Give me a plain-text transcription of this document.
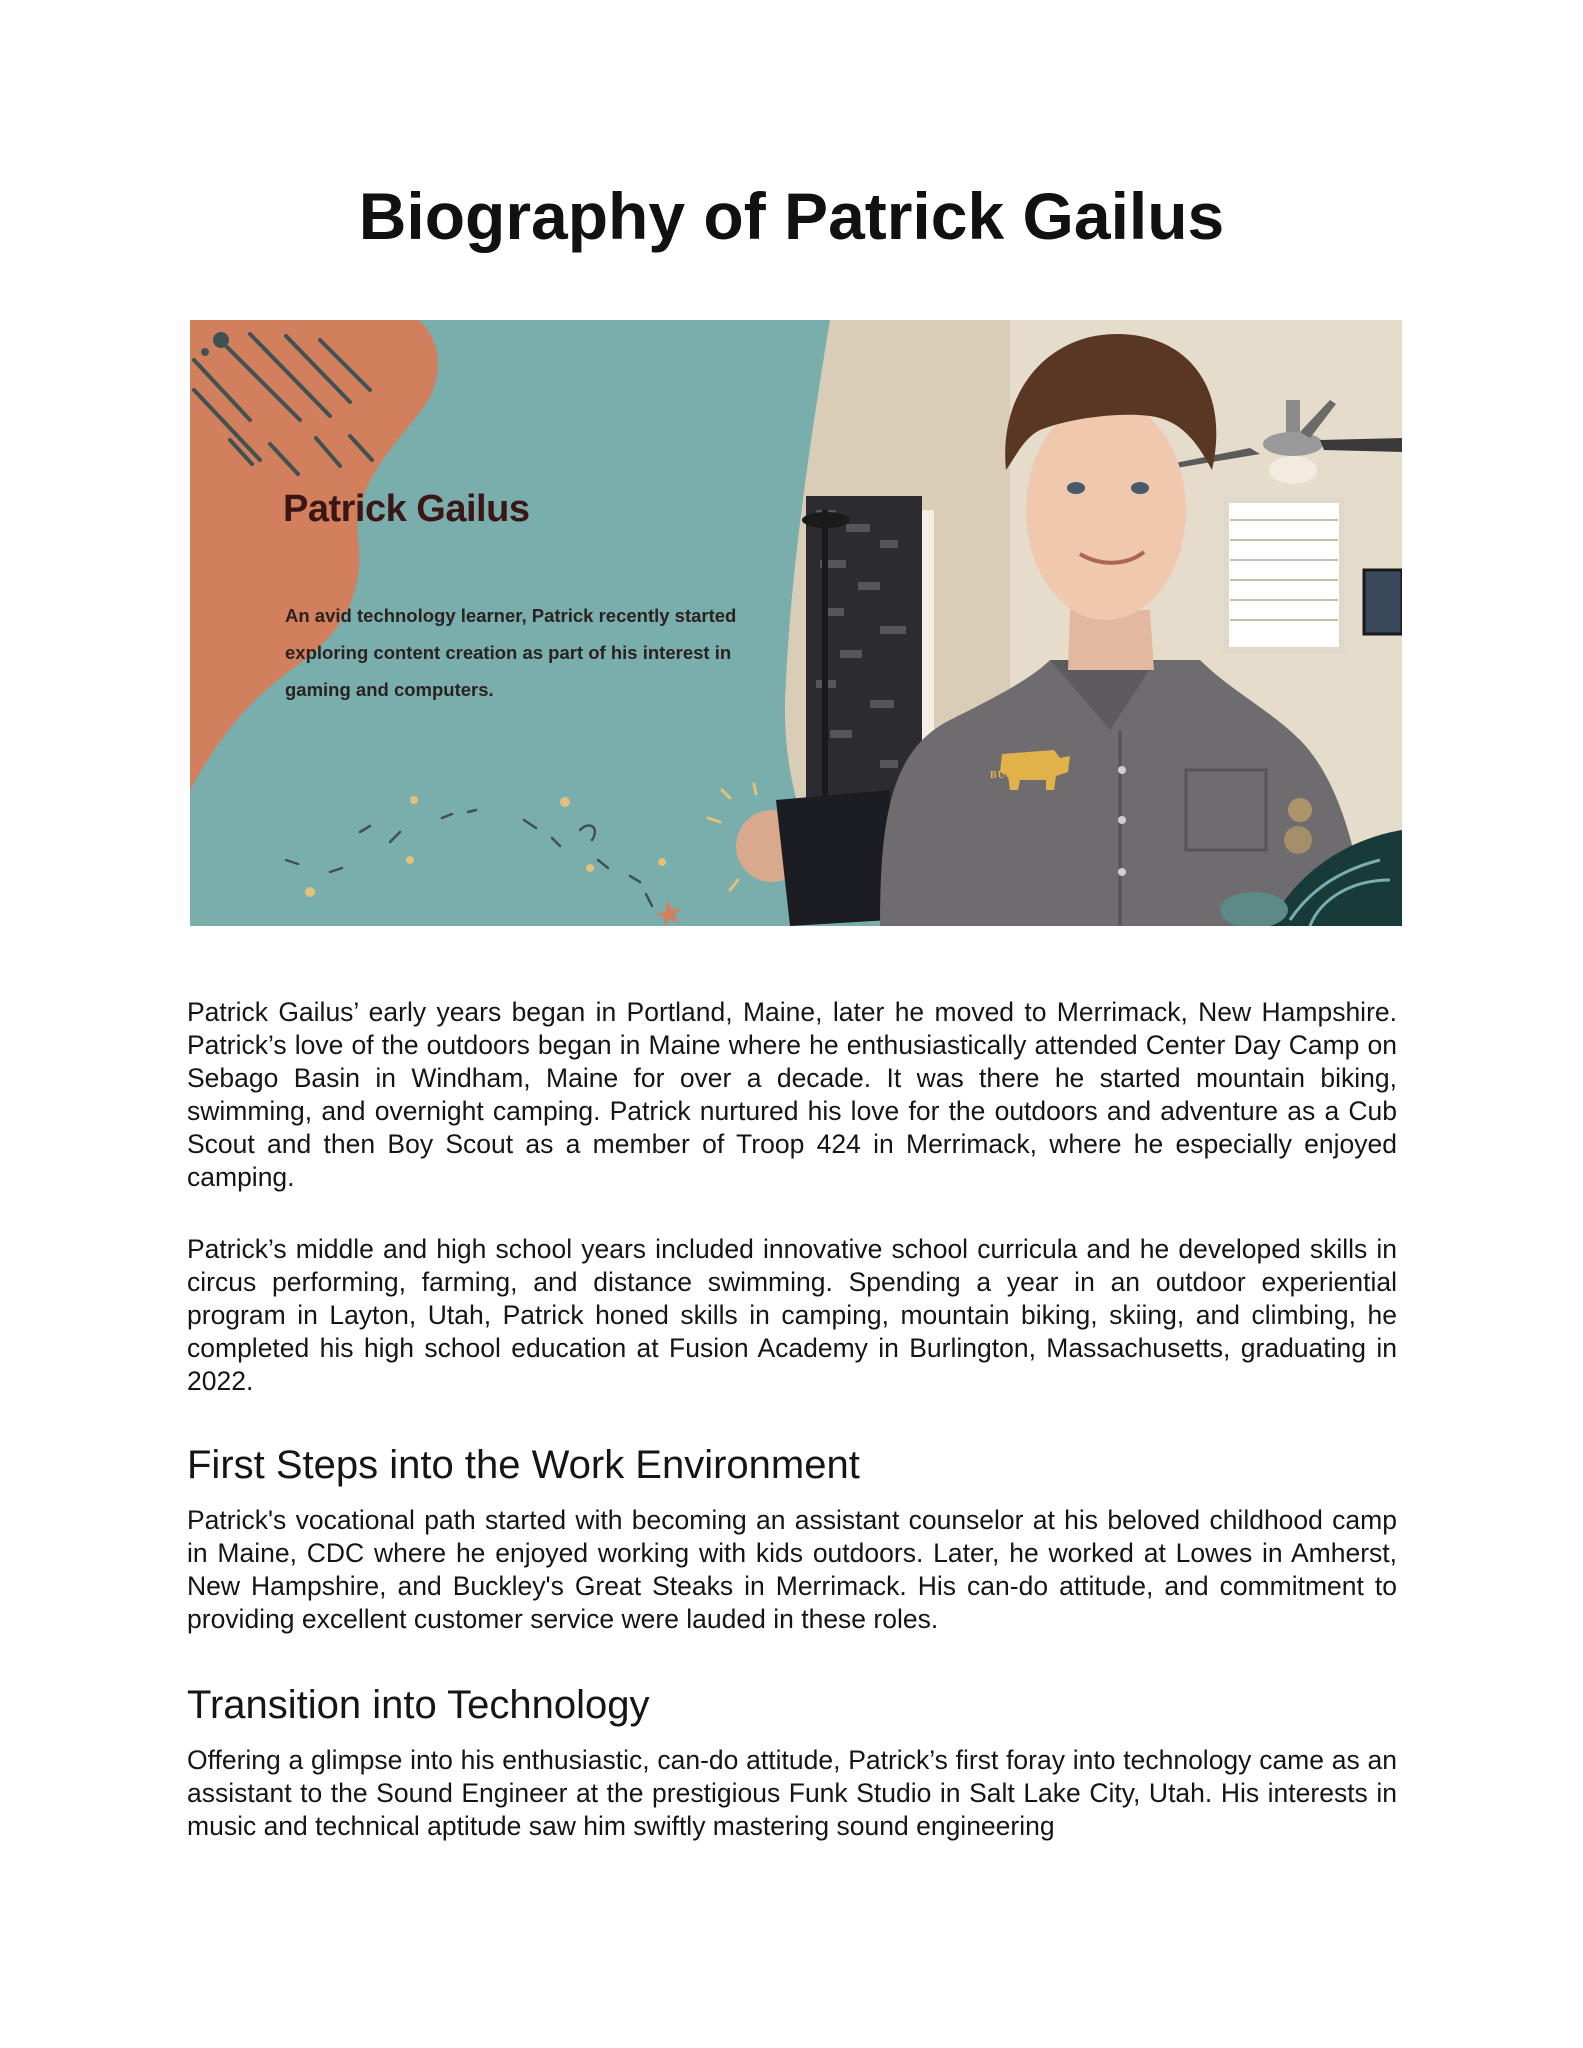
Biography of Patrick Gailus
Patrick Gailus

An avid technology learner, Patrick recently started exploring content creation as part of his interest in gaming and computers.

BUCKLEY'S

Patrick Gailus’ early years began in Portland, Maine, later he moved to Merrimack, New Hampshire. Patrick’s love of the outdoors began in Maine where he enthusiastically attended Center Day Camp on Sebago Basin in Windham, Maine for over a decade. It was there he started mountain biking, swimming, and overnight camping. Patrick nurtured his love for the outdoors and adventure as a Cub Scout and then Boy Scout as a member of Troop 424 in Merrimack, where he especially enjoyed camping.

Patrick’s middle and high school years included innovative school curricula and he developed skills in circus performing, farming, and distance swimming. Spending a year in an outdoor experiential program in Layton, Utah, Patrick honed skills in camping, mountain biking, skiing, and climbing, he completed his high school education at Fusion Academy in Burlington, Massachusetts, graduating in 2022.

First Steps into the Work Environment

Patrick's vocational path started with becoming an assistant counselor at his beloved childhood camp in Maine, CDC where he enjoyed working with kids outdoors. Later, he worked at Lowes in Amherst, New Hampshire, and Buckley's Great Steaks in Merrimack. His can-do attitude, and commitment to providing excellent customer service were lauded in these roles.

Transition into Technology

Offering a glimpse into his enthusiastic, can-do attitude, Patrick’s first foray into technology came as an assistant to the Sound Engineer at the prestigious Funk Studio in Salt Lake City, Utah. His interests in music and technical aptitude saw him swiftly mastering sound engineering
